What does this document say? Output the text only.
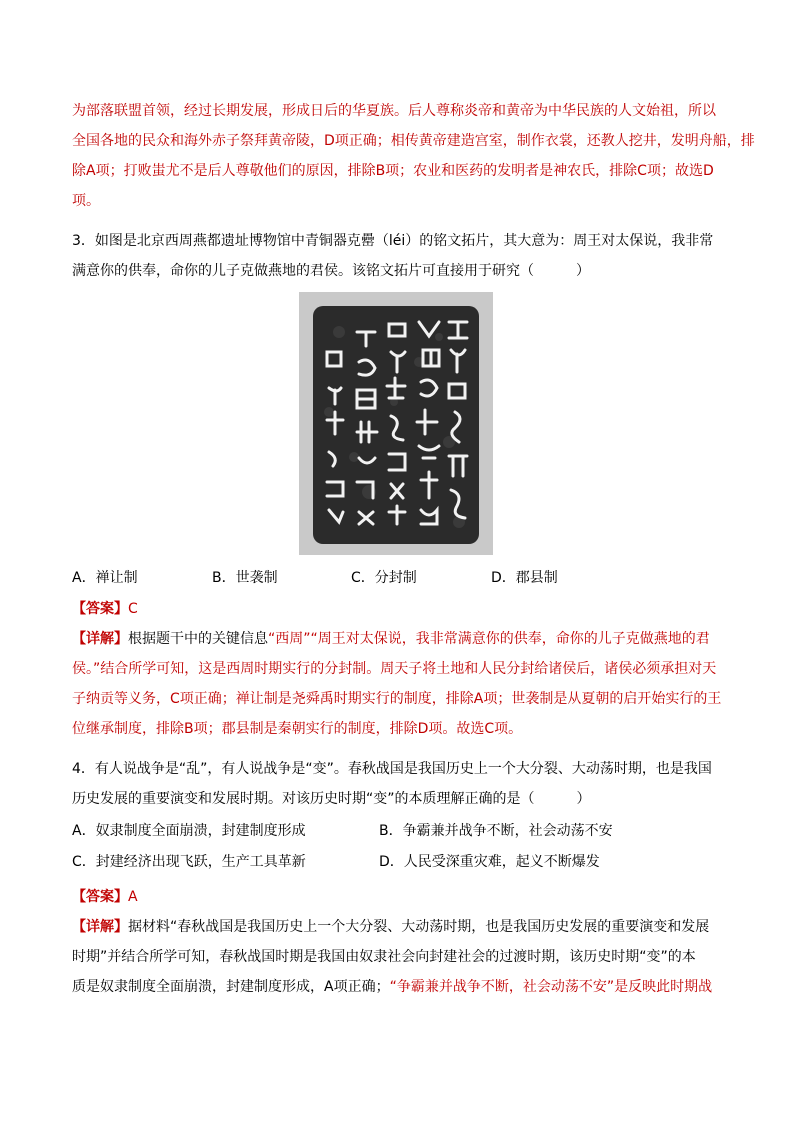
为部落联盟首领，经过长期发展，形成日后的华夏族。后人尊称炎帝和黄帝为中华民族的人文始祖，所以

全国各地的民众和海外赤子祭拜黄帝陵，D项正确；相传黄帝建造宫室，制作衣裳，还教人挖井，发明舟船，排

除A项；打败蚩尤不是后人尊敬他们的原因，排除B项；农业和医药的发明者是神农氏，排除C项；故选D

项。

3．如图是北京西周燕都遗址博物馆中青铜器克罍（léi）的铭文拓片，其大意为：周王对太保说，我非常

满意你的供奉，命你的儿子克做燕地的君侯。该铭文拓片可直接用于研究（　　　）

A．禅让制	B．世袭制	C．分封制	D．郡县制

【答案】C

【详解】根据题干中的关键信息“西周”“周王对太保说，我非常满意你的供奉，命你的儿子克做燕地的君

侯。”结合所学可知，这是西周时期实行的分封制。周天子将土地和人民分封给诸侯后，诸侯必须承担对天

子纳贡等义务，C项正确；禅让制是尧舜禹时期实行的制度，排除A项；世袭制是从夏朝的启开始实行的王

位继承制度，排除B项；郡县制是秦朝实行的制度，排除D项。故选C项。

4．有人说战争是“乱”，有人说战争是“变”。春秋战国是我国历史上一个大分裂、大动荡时期，也是我国

历史发展的重要演变和发展时期。对该历史时期“变”的本质理解正确的是（　　　）

A．奴隶制度全面崩溃，封建制度形成	B．争霸兼并战争不断，社会动荡不安
C．封建经济出现飞跃，生产工具革新	D．人民受深重灾难，起义不断爆发

【答案】A

【详解】据材料“春秋战国是我国历史上一个大分裂、大动荡时期，也是我国历史发展的重要演变和发展

时期”并结合所学可知，春秋战国时期是我国由奴隶社会向封建社会的过渡时期，该历史时期“变”的本

质是奴隶制度全面崩溃，封建制度形成，A项正确；“争霸兼并战争不断，社会动荡不安”是反映此时期战
